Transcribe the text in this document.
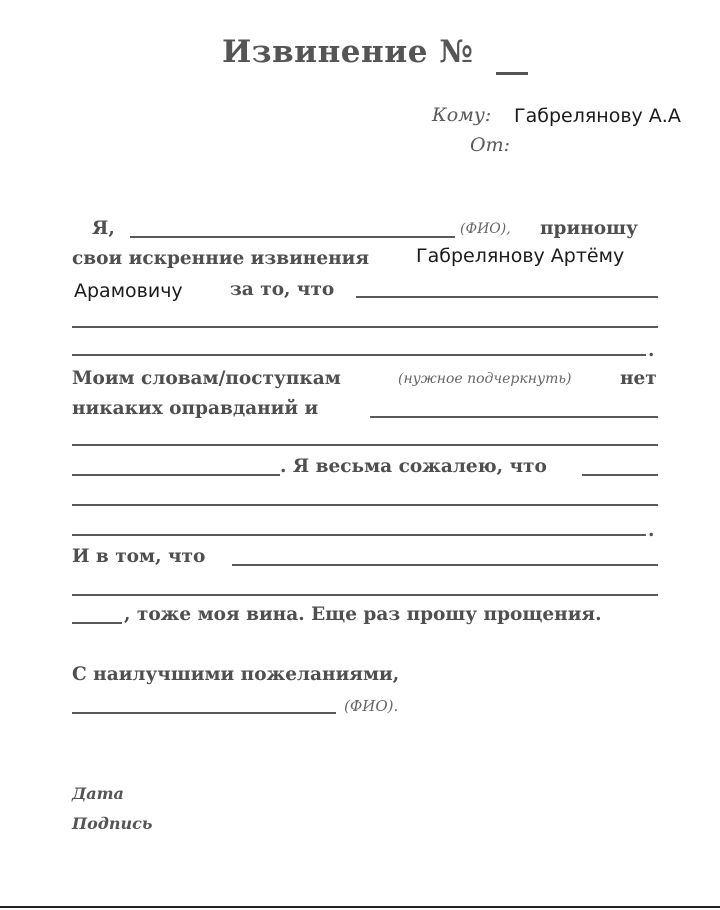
Извинение №
Кому: Габрелянову А.А
От:
Я,	(ФИО), приношу
свои искренние извинения Габрелянову Артёму
Арамовичу	за то, что
.
Моим словам/поступкам	(нужное подчеркнуть)	нет
никаких оправданий и
. Я весьма сожалею, что
.
И в том, что
, тоже моя вина. Еще раз прошу прощения.
С наилучшими пожеланиями,
(ФИО).
Дата
Подпись
